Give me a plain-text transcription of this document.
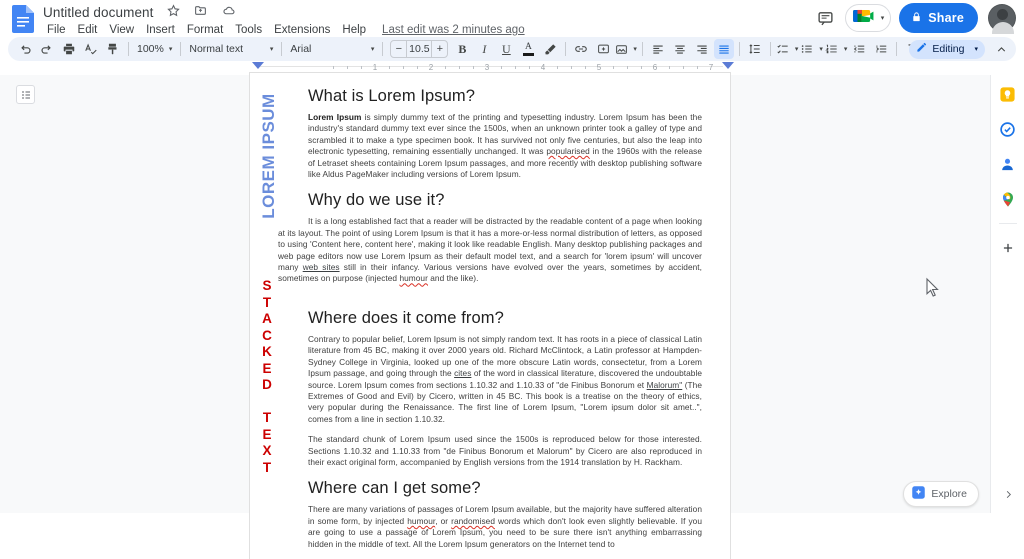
Untitled document

File	Edit	View	Insert	Format	Tools	Extensions	Help	Last edit was 2 minutes ago
▾	Share
100% ▾ Normal text	▾ Arial	▾	− 10.5 +	B	I	U	A	▾	▾	▾	▾	Editing ▾
1	2	3	4	5	6	7
LOREM IPSUM
S
T
A
C
K
E
D
T
E
X
T
What is Lorem Ipsum?

Lorem Ipsum is simply dummy text of the printing and typesetting industry. Lorem Ipsum has been the industry's standard dummy text ever since the 1500s, when an unknown printer took a galley of type and scrambled it to make a type specimen book. It has survived not only five centuries, but also the leap into electronic typesetting, remaining essentially unchanged. It was popularised in the 1960s with the release of Letraset sheets containing Lorem Ipsum passages, and more recently with desktop publishing software like Aldus PageMaker including versions of Lorem Ipsum.

Why do we use it?

It is a long established fact that a reader will be distracted by the readable content of a page when looking at its layout. The point of using Lorem Ipsum is that it has a more-or-less normal distribution of letters, as opposed to using 'Content here, content here', making it look like readable English. Many desktop publishing packages and web page editors now use Lorem Ipsum as their default model text, and a search for 'lorem ipsum' will uncover many web sites still in their infancy. Various versions have evolved over the years, sometimes by accident, sometimes on purpose (injected humour and the like).

Where does it come from?

Contrary to popular belief, Lorem Ipsum is not simply random text. It has roots in a piece of classical Latin literature from 45 BC, making it over 2000 years old. Richard McClintock, a Latin professor at Hampden-Sydney College in Virginia, looked up one of the more obscure Latin words, consectetur, from a Lorem Ipsum passage, and going through the cites of the word in classical literature, discovered the undoubtable source. Lorem Ipsum comes from sections 1.10.32 and 1.10.33 of "de Finibus Bonorum et Malorum" (The Extremes of Good and Evil) by Cicero, written in 45 BC. This book is a treatise on the theory of ethics, very popular during the Renaissance. The first line of Lorem Ipsum, "Lorem ipsum dolor sit amet..", comes from a line in section 1.10.32.

The standard chunk of Lorem Ipsum used since the 1500s is reproduced below for those interested. Sections 1.10.32 and 1.10.33 from "de Finibus Bonorum et Malorum" by Cicero are also reproduced in their exact original form, accompanied by English versions from the 1914 translation by H. Rackham.

Where can I get some?

There are many variations of passages of Lorem Ipsum available, but the majority have suffered alteration in some form, by injected humour, or randomised words which don't look even slightly believable. If you are going to use a passage of Lorem Ipsum, you need to be sure there isn't anything embarrassing hidden in the middle of text. All the Lorem Ipsum generators on the Internet tend to

Explore
